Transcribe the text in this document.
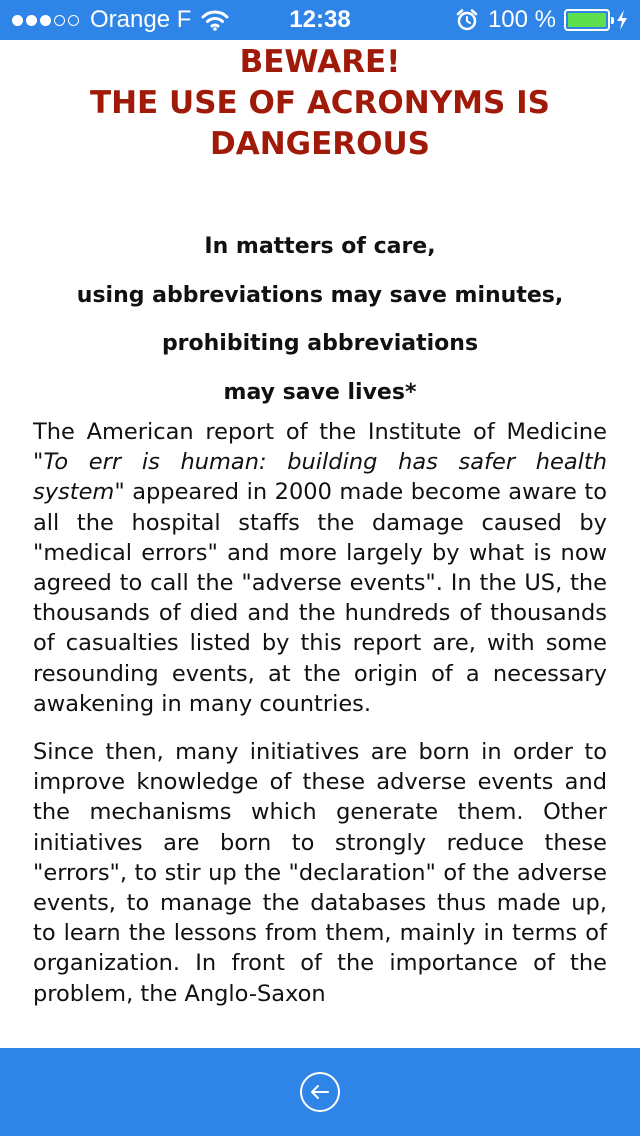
Orange F	12:38	100 %
BEWARE!
THE USE OF ACRONYMS IS
DANGEROUS
In matters of care,
using abbreviations may save minutes,
prohibiting abbreviations
may save lives*

The American report of the Institute of Medicine "To err is human: building has safer health system" appeared in 2000 made become aware to all the hospital staffs the damage caused by "medical errors" and more largely by what is now agreed to call the "adverse events". In the US, the thousands of died and the hundreds of thousands of casualties listed by this report are, with some resounding events, at the origin of a necessary awakening in many countries.

Since then, many initiatives are born in order to improve knowledge of these adverse events and the mechanisms which generate them. Other initiatives are born to strongly reduce these "errors", to stir up the "declaration" of the adverse events, to manage the databases thus made up, to learn the lessons from them, mainly in terms of organization. In front of the importance of the problem, the Anglo-Saxon
